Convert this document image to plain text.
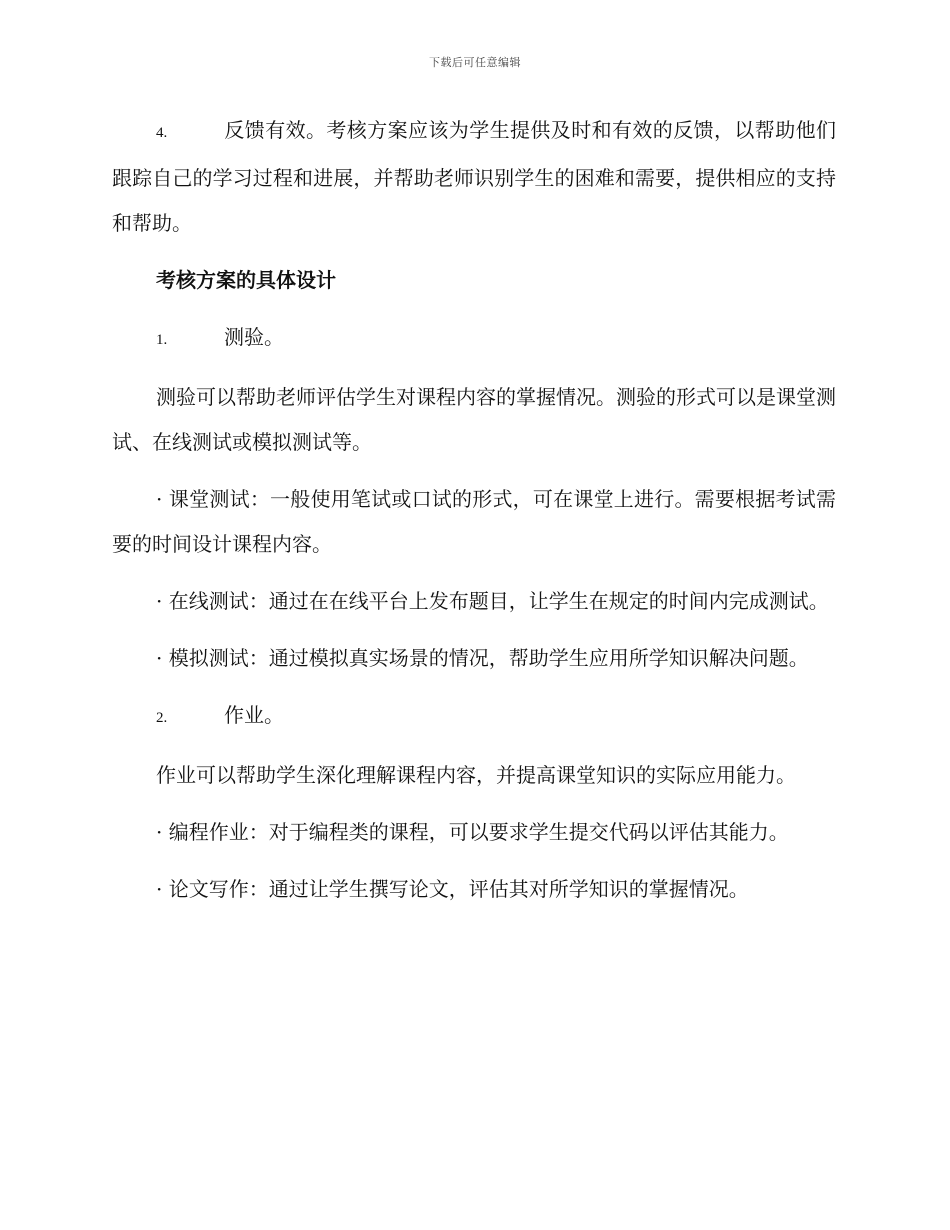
下载后可任意编辑

4.	反馈有效。考核方案应该为学生提供及时和有效的反馈，以帮助他们跟踪自己的学习过程和进展，并帮助老师识别学生的困难和需要，提供相应的支持和帮助。

考核方案的具体设计

1.	测验。

测验可以帮助老师评估学生对课程内容的掌握情况。测验的形式可以是课堂测试、在线测试或模拟测试等。

· 课堂测试：一般使用笔试或口试的形式，可在课堂上进行。需要根据考试需要的时间设计课程内容。

· 在线测试：通过在在线平台上发布题目，让学生在规定的时间内完成测试。

· 模拟测试：通过模拟真实场景的情况，帮助学生应用所学知识解决问题。

2.	作业。

作业可以帮助学生深化理解课程内容，并提高课堂知识的实际应用能力。

· 编程作业：对于编程类的课程，可以要求学生提交代码以评估其能力。

· 论文写作：通过让学生撰写论文，评估其对所学知识的掌握情况。
